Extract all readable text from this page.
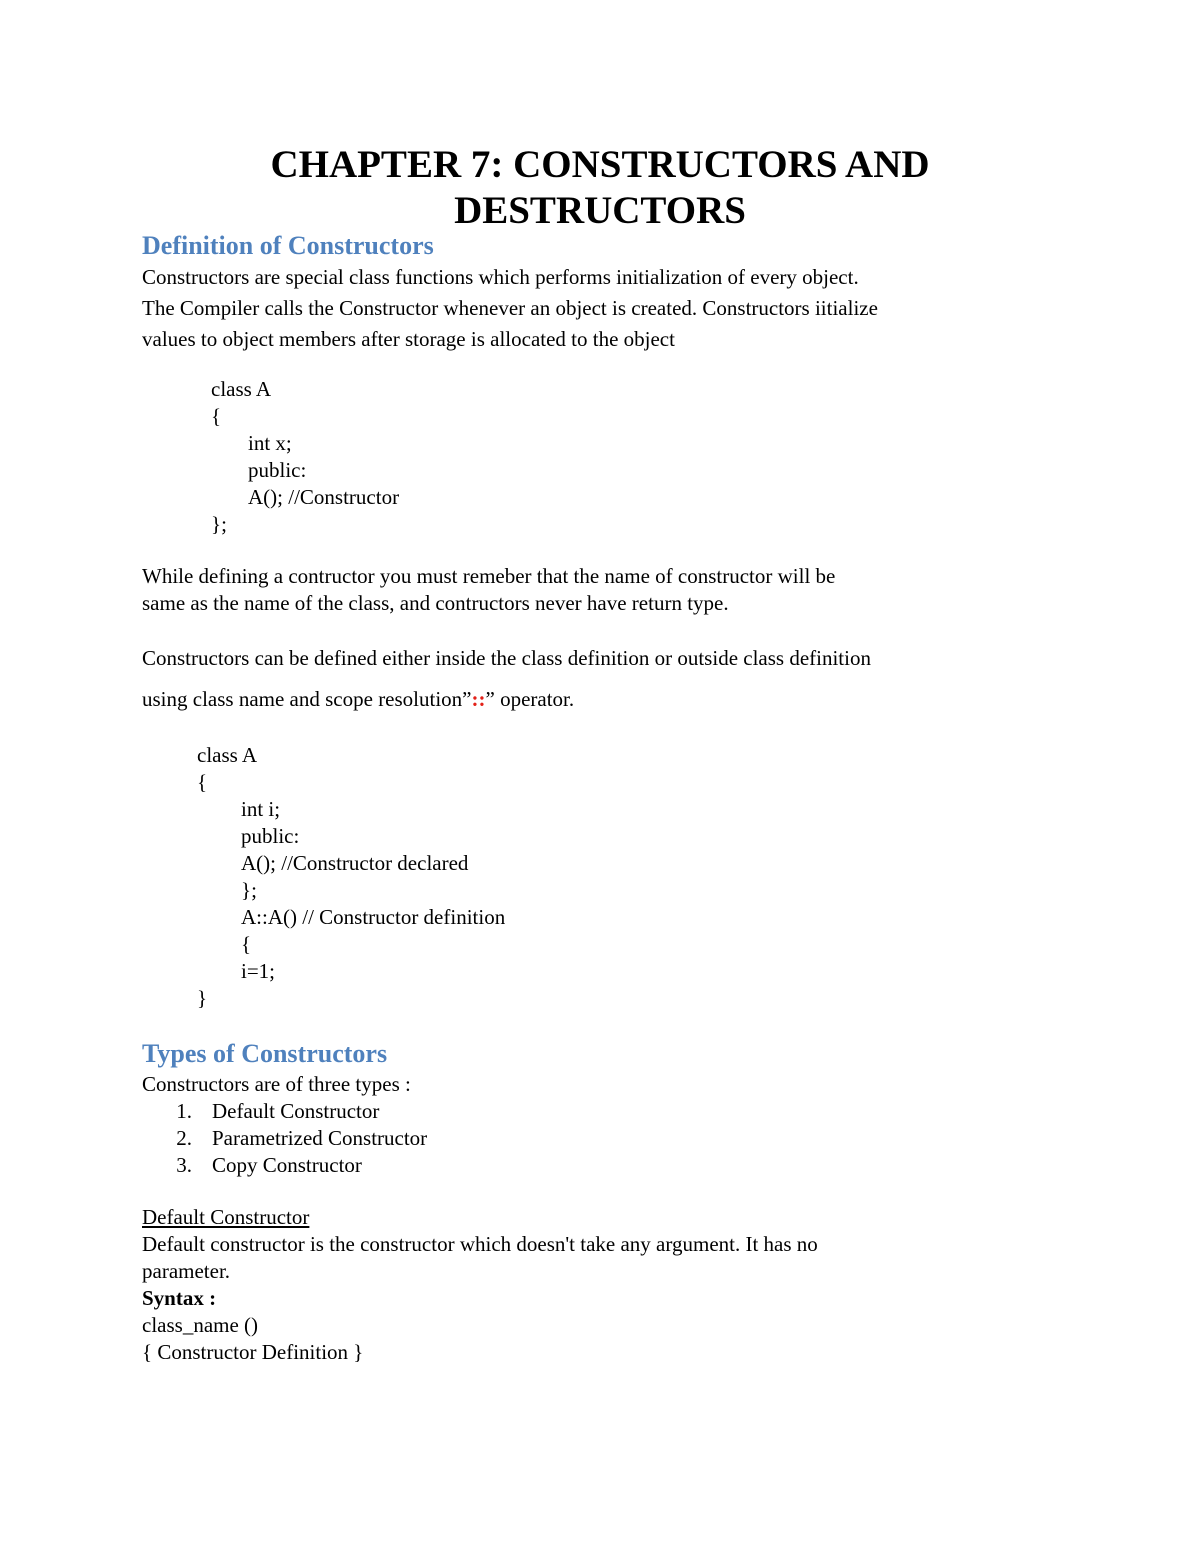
CHAPTER 7: CONSTRUCTORS AND
DESTRUCTORS
Definition of Constructors
Constructors are special class functions which performs initialization of every object.
The Compiler calls the Constructor whenever an object is created. Constructors iitialize
values to object members after storage is allocated to the object
class A
{
int x;
public:
A(); //Constructor
};
While defining a contructor you must remeber that the name of constructor will be
same as the name of the class, and contructors never have return type.
Constructors can be defined either inside the class definition or outside class definition
using class name and scope resolution”::” operator.
class A
{
int i;
public:
A(); //Constructor declared
};
A::A() // Constructor definition
{
i=1;
}
Types of Constructors
Constructors are of three types :
1. Default Constructor
2. Parametrized Constructor
3. Copy Constructor
Default Constructor
Default constructor is the constructor which doesn't take any argument. It has no
parameter.
Syntax :
class_name ()
{ Constructor Definition }
